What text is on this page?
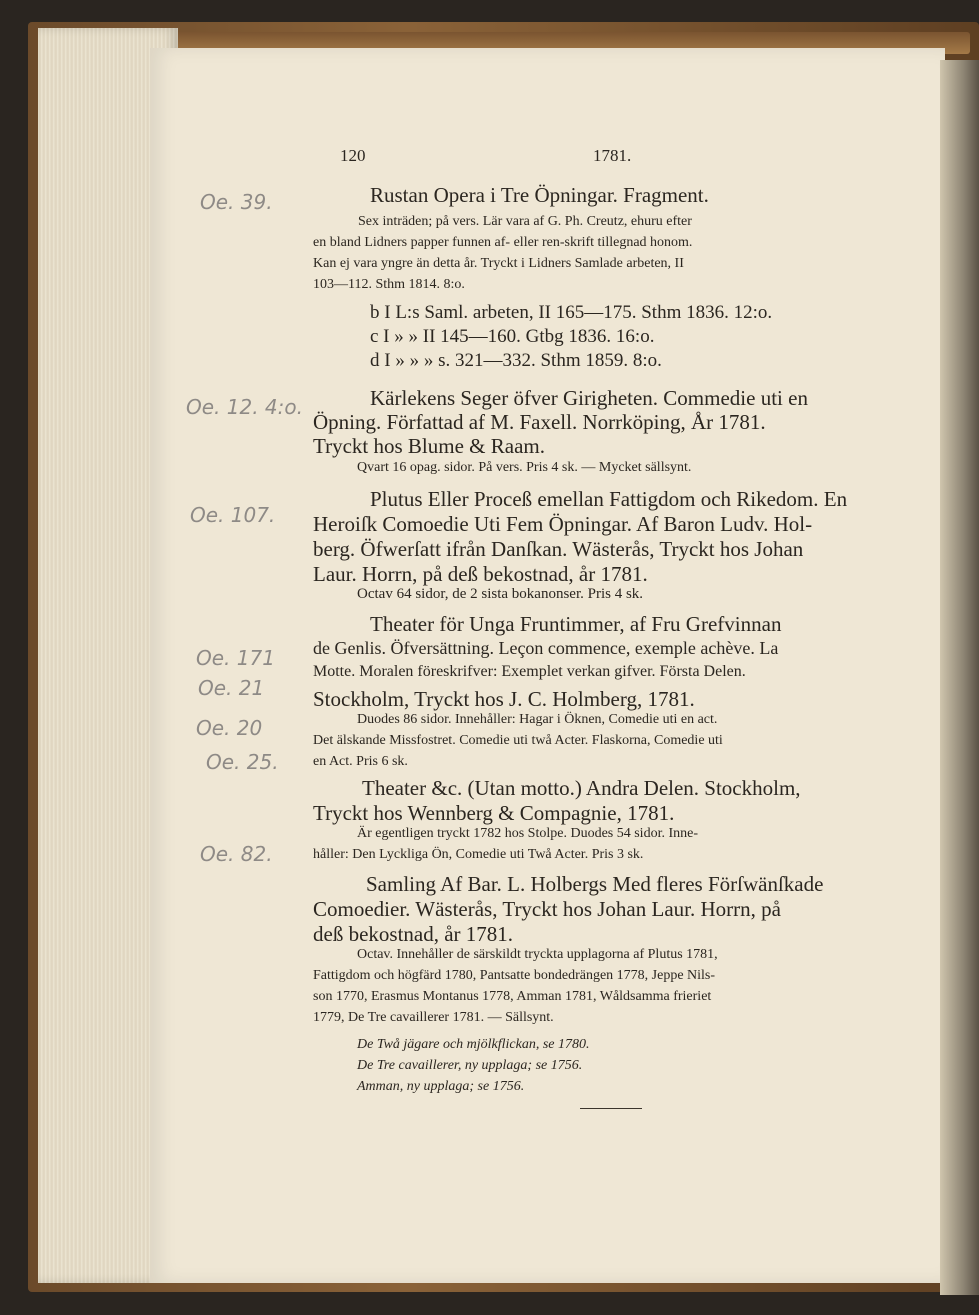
120	1781.
Rustan Opera i Tre Öpningar. Fragment.
Sex inträden; på vers. Lär vara af G. Ph. Creutz, ehuru efter
en bland Lidners papper funnen af- eller ren-skrift tillegnad honom.
Kan ej vara yngre än detta år. Tryckt i Lidners Samlade arbeten, II
103—112. Sthm 1814. 8:o.
b I L:s Saml. arbeten, II 165—175. Sthm 1836. 12:o.
c I » » II 145—160. Gtbg 1836. 16:o.
d I » » » s. 321—332. Sthm 1859. 8:o.
Kärlekens Seger öfver Girigheten. Commedie uti en
Öpning. Författad af M. Faxell. Norrköping, År 1781.
Tryckt hos Blume & Raam.
Qvart 16 opag. sidor. På vers. Pris 4 sk. — Mycket sällsynt.
Plutus Eller Proceß emellan Fattigdom och Rikedom. En
Heroiſk Comoedie Uti Fem Öpningar. Af Baron Ludv. Hol-
berg. Öfwerſatt ifrån Danſkan. Wästerås, Tryckt hos Johan
Laur. Horrn, på deß bekostnad, år 1781.
Octav 64 sidor, de 2 sista bokanonser. Pris 4 sk.
Theater för Unga Fruntimmer, af Fru Grefvinnan
de Genlis. Öfversättning. Leçon commence, exemple achève. La
Motte. Moralen föreskrifver: Exemplet verkan gifver. Första Delen.
Stockholm, Tryckt hos J. C. Holmberg, 1781.
Duodes 86 sidor. Innehåller: Hagar i Öknen, Comedie uti en act.
Det älskande Missfostret. Comedie uti twå Acter. Flaskorna, Comedie uti
en Act. Pris 6 sk.
Theater &c. (Utan motto.) Andra Delen. Stockholm,
Tryckt hos Wennberg & Compagnie, 1781.
Är egentligen tryckt 1782 hos Stolpe. Duodes 54 sidor. Inne-
håller: Den Lyckliga Ön, Comedie uti Twå Acter. Pris 3 sk.
Samling Af Bar. L. Holbergs Med fleres Förſwänſkade
Comoedier. Wästerås, Tryckt hos Johan Laur. Horrn, på
deß bekostnad, år 1781.
Octav. Innehåller de särskildt tryckta upplagorna af Plutus 1781,
Fattigdom och högfärd 1780, Pantsatte bondedrängen 1778, Jeppe Nils-
son 1770, Erasmus Montanus 1778, Amman 1781, Wåldsamma frieriet
1779, De Tre cavaillerer 1781. — Sällsynt.
De Twå jägare och mjölkflickan, se 1780.
De Tre cavaillerer, ny upplaga; se 1756.
Amman, ny upplaga; se 1756.
Oe. 39.
Oe. 12. 4:o.
Oe. 107.
Oe. 171
Oe. 21
Oe. 20
Oe. 25.
Oe. 82.
